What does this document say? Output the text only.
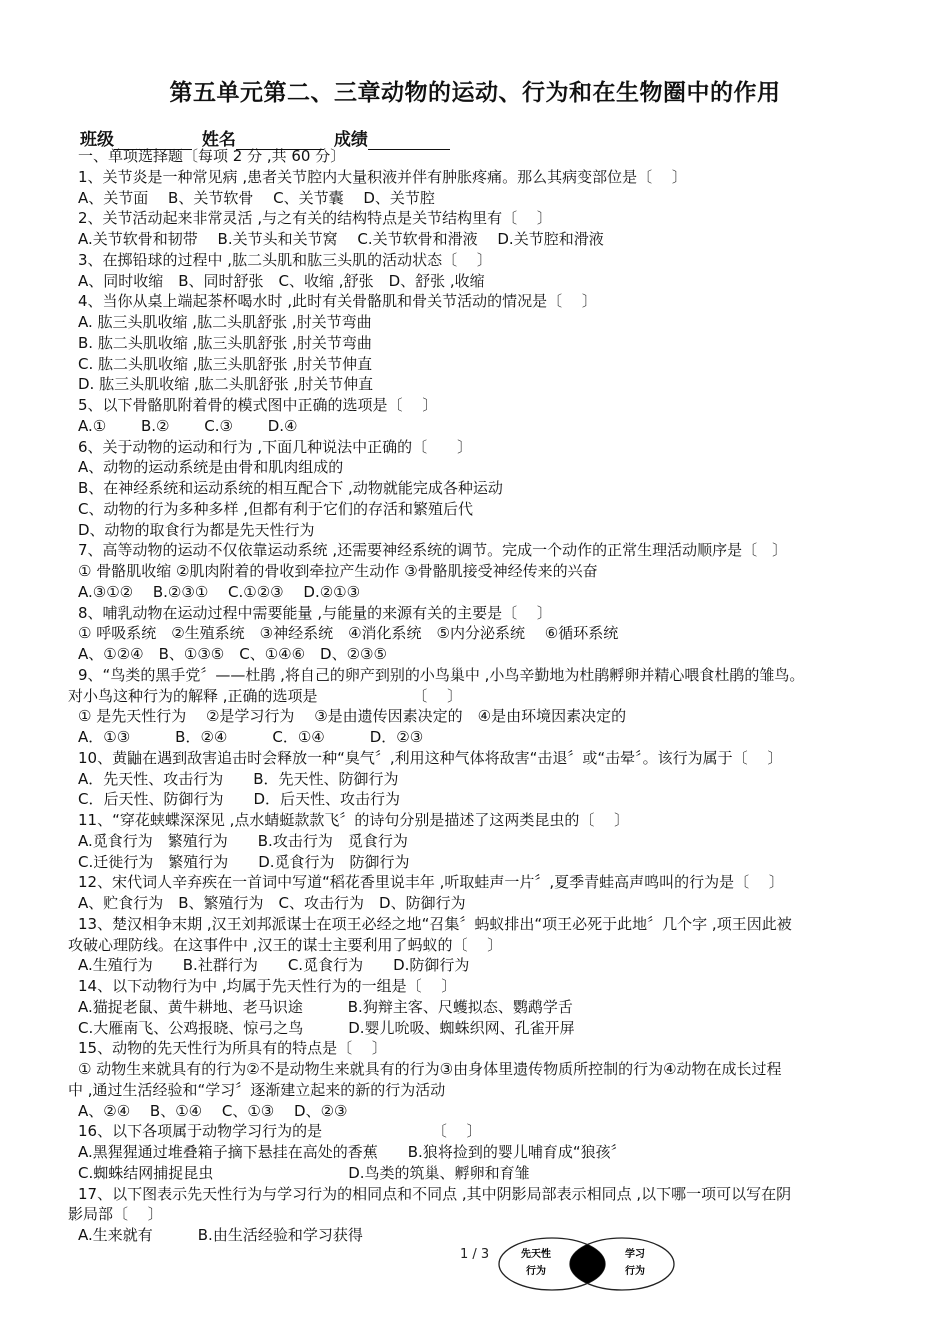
第五单元第二、三章动物的运动、行为和在生物圈中的作用
班级	姓名	成绩
一、单项选择题〔每项 2 分 ,共 60 分〕
1、关节炎是一种常见病 ,患者关节腔内大量积液并伴有肿胀疼痛。那么其病变部位是〔　 〕
A、关节面　 B、关节软骨　 C、关节囊　 D、关节腔
2、关节活动起来非常灵活 ,与之有关的结构特点是关节结构里有〔　 〕
A.关节软骨和韧带　 B.关节头和关节窝　 C.关节软骨和滑液　 D.关节腔和滑液
3、在掷铅球的过程中 ,肱二头肌和肱三头肌的活动状态〔　 〕
A、同时收缩　B、同时舒张　C、收缩 ,舒张　D、舒张 ,收缩
4、当你从桌上端起茶杯喝水时 ,此时有关骨骼肌和骨关节活动的情况是〔　 〕
A. 肱三头肌收缩 ,肱二头肌舒张 ,肘关节弯曲
B. 肱二头肌收缩 ,肱三头肌舒张 ,肘关节弯曲
C. 肱二头肌收缩 ,肱三头肌舒张 ,肘关节伸直
D. 肱三头肌收缩 ,肱二头肌舒张 ,肘关节伸直
5、以下骨骼肌附着骨的模式图中正确的选项是〔　 〕
A.①　　 B.②　　 C.③　　 D.④
6、关于动物的运动和行为 ,下面几种说法中正确的〔　　〕
A、动物的运动系统是由骨和肌肉组成的
B、在神经系统和运动系统的相互配合下 ,动物就能完成各种运动
C、动物的行为多种多样 ,但都有利于它们的存活和繁殖后代
D、动物的取食行为都是先天性行为
7、高等动物的运动不仅依靠运动系统 ,还需要神经系统的调节。完成一个动作的正常生理活动顺序是〔　〕
① 骨骼肌收缩 ②肌肉附着的骨收到牵拉产生动作 ③骨骼肌接受神经传来的兴奋
A.③①②　 B.②③①　 C.①②③　 D.②①③
8、哺乳动物在运动过程中需要能量 ,与能量的来源有关的主要是〔　 〕
① 呼吸系统　②生殖系统　③神经系统　④消化系统　⑤内分泌系统　 ⑥循环系统
A、①②④　B、①③⑤　C、①④⑥　D、②③⑤
9、“鸟类的黑手党〞——杜鹃 ,将自己的卵产到别的小鸟巢中 ,小鸟辛勤地为杜鹃孵卵并精心喂食杜鹃的雏鸟。
对小鸟这种行为的解释 ,正确的选项是　　　　　　 〔　 〕
① 是先天性行为　 ②是学习行为　 ③是由遗传因素决定的　④是由环境因素决定的
A．①③　　　B．②④　　　C．①④　　　D．②③
10、黄鼬在遇到敌害追击时会释放一种“臭气〞,利用这种气体将敌害“击退〞或“击晕〞。该行为属于〔　 〕
A．先天性、攻击行为　　B．先天性、防御行为
C．后天性、防御行为　　D．后天性、攻击行为
11、“穿花蛱蝶深深见 ,点水蜻蜓款款飞〞的诗句分别是描述了这两类昆虫的〔　 〕
A.觅食行为　繁殖行为　　B.攻击行为　觅食行为
C.迁徙行为　繁殖行为　　D.觅食行为　防御行为
12、宋代词人辛弃疾在一首词中写道“稻花香里说丰年 ,听取蛙声一片〞,夏季青蛙高声鸣叫的行为是〔　 〕
A、贮食行为　B、繁殖行为　C、攻击行为　D、防御行为
13、楚汉相争末期 ,汉王刘邦派谋士在项王必经之地“召集〞蚂蚁排出“项王必死于此地〞几个字 ,项王因此被
攻破心理防线。在这事件中 ,汉王的谋士主要利用了蚂蚁的〔　 〕
A.生殖行为　　B.社群行为　　C.觅食行为　　D.防御行为
14、以下动物行为中 ,均属于先天性行为的一组是〔　 〕
A.猫捉老鼠、黄牛耕地、老马识途　　　B.狗辩主客、尺蠖拟态、鹦鹉学舌
C.大雁南飞、公鸡报晓、惊弓之鸟　　　D.婴儿吮吸、蜘蛛织网、孔雀开屏
15、动物的先天性行为所具有的特点是〔　 〕
① 动物生来就具有的行为②不是动物生来就具有的行为③由身体里遗传物质所控制的行为④动物在成长过程
中 ,通过生活经验和“学习〞逐渐建立起来的新的行为活动
A、②④　 B、①④　 C、①③　 D、②③
16、以下各项属于动物学习行为的是　　　　　　　 〔　 〕
A.黑猩猩通过堆叠箱子摘下悬挂在高处的香蕉　　B.狼将捡到的婴儿哺育成“狼孩〞
C.蜘蛛结网捕捉昆虫　　　　　　　　　D.鸟类的筑巢、孵卵和育雏
17、以下图表示先天性行为与学习行为的相同点和不同点 ,其中阴影局部表示相同点 ,以下哪一项可以写在阴
影局部〔　 〕
A.生来就有　　　B.由生活经验和学习获得
1 / 3	先天性
行为
学习
行为
